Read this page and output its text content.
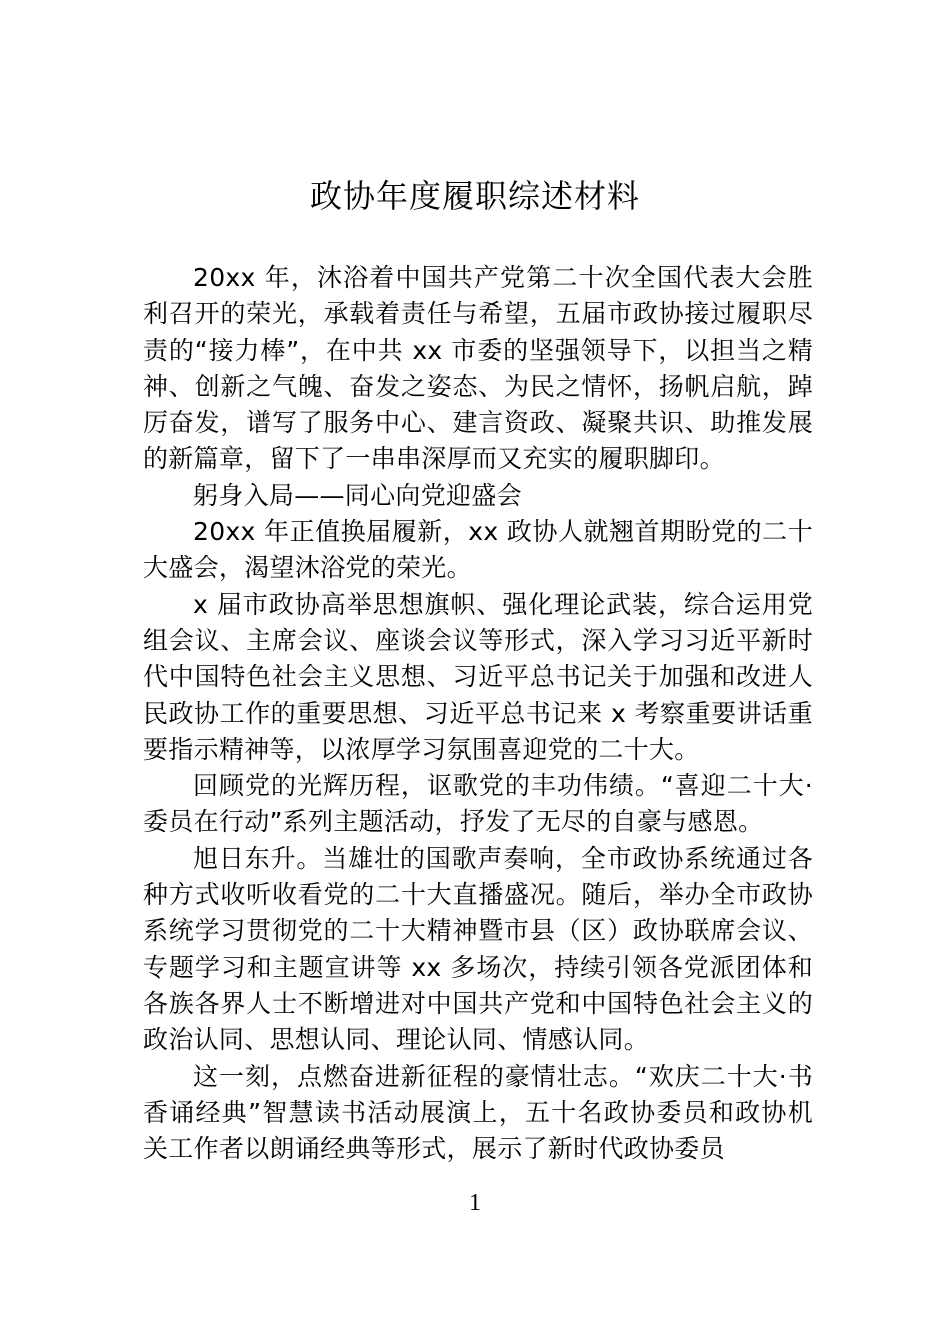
政协年度履职综述材料

20xx 年，沐浴着中国共产党第二十次全国代表大会胜利召开的荣光，承载着责任与希望，五届市政协接过履职尽责的“接力棒”，在中共 xx 市委的坚强领导下，以担当之精神、创新之气魄、奋发之姿态、为民之情怀，扬帆启航，踔厉奋发，谱写了服务中心、建言资政、凝聚共识、助推发展的新篇章，留下了一串串深厚而又充实的履职脚印。

躬身入局——同心向党迎盛会

20xx 年正值换届履新，xx 政协人就翘首期盼党的二十大盛会，渴望沐浴党的荣光。

x 届市政协高举思想旗帜、强化理论武装，综合运用党组会议、主席会议、座谈会议等形式，深入学习习近平新时代中国特色社会主义思想、习近平总书记关于加强和改进人民政协工作的重要思想、习近平总书记来 x 考察重要讲话重要指示精神等，以浓厚学习氛围喜迎党的二十大。

回顾党的光辉历程，讴歌党的丰功伟绩。“喜迎二十大·委员在行动”系列主题活动，抒发了无尽的自豪与感恩。

旭日东升。当雄壮的国歌声奏响，全市政协系统通过各种方式收听收看党的二十大直播盛况。随后，举办全市政协系统学习贯彻党的二十大精神暨市县（区）政协联席会议、专题学习和主题宣讲等 xx 多场次，持续引领各党派团体和各族各界人士不断增进对中国共产党和中国特色社会主义的政治认同、思想认同、理论认同、情感认同。

这一刻，点燃奋进新征程的豪情壮志。“欢庆二十大·书香诵经典”智慧读书活动展演上，五十名政协委员和政协机关工作者以朗诵经典等形式，展示了新时代政协委员

1
